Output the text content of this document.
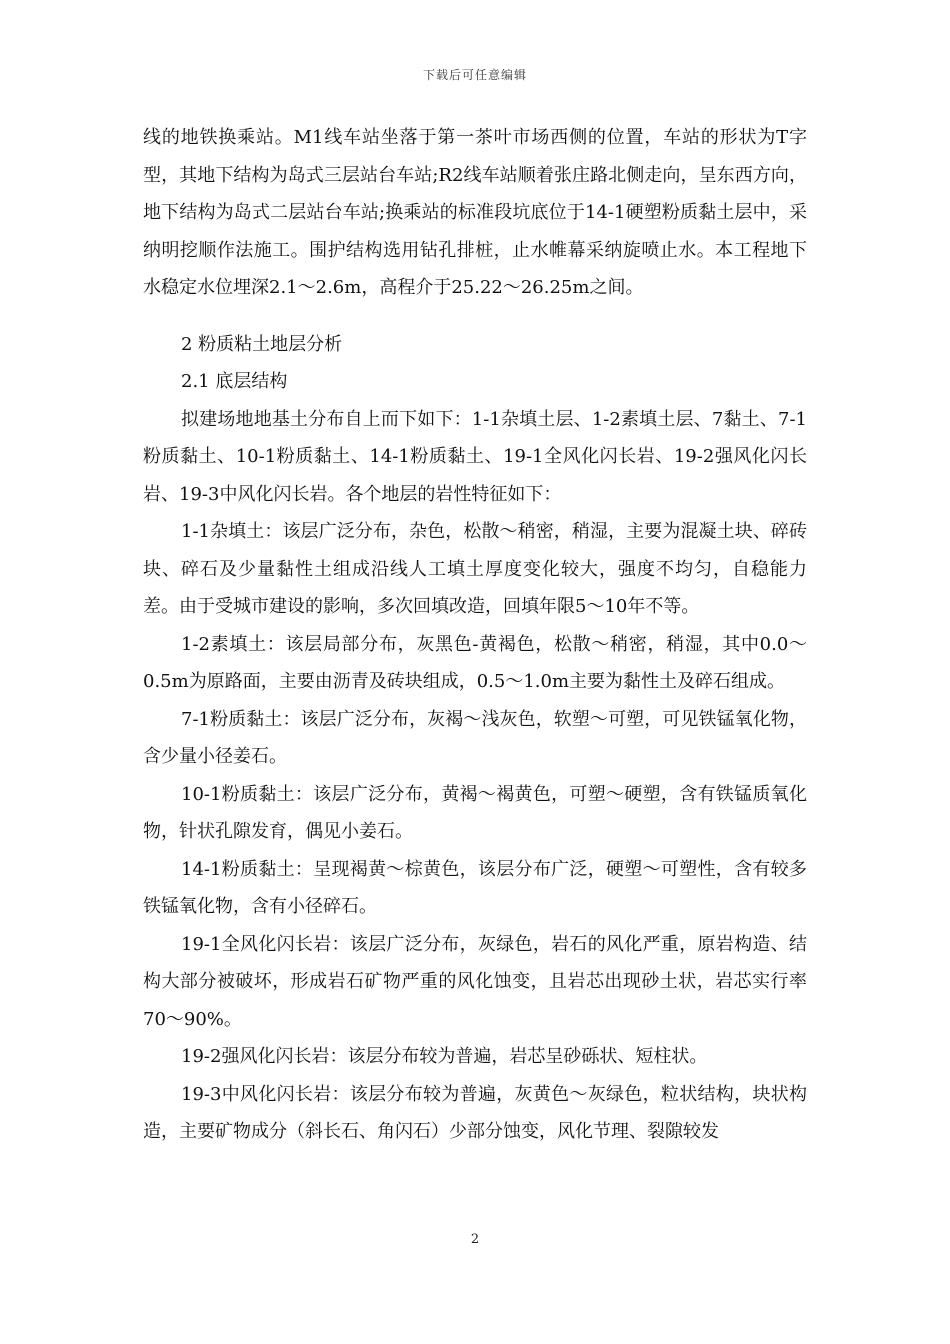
下载后可任意编辑

线的地铁换乘站。M1线车站坐落于第一茶叶市场西侧的位置，车站的形状为T字型，其地下结构为岛式三层站台车站;R2线车站顺着张庄路北侧走向，呈东西方向，地下结构为岛式二层站台车站;换乘站的标准段坑底位于14-1硬塑粉质黏土层中，采纳明挖顺作法施工。围护结构选用钻孔排桩，止水帷幕采纳旋喷止水。本工程地下水稳定水位埋深2.1～2.6m，高程介于25.22～26.25m之间。

2 粉质粘土地层分析

2.1 底层结构

拟建场地地基土分布自上而下如下：1-1杂填土层、1-2素填土层、7黏土、7-1粉质黏土、10-1粉质黏土、14-1粉质黏土、19-1全风化闪长岩、19-2强风化闪长岩、19-3中风化闪长岩。各个地层的岩性特征如下：

1-1杂填土：该层广泛分布，杂色，松散～稍密，稍湿，主要为混凝土块、碎砖块、碎石及少量黏性土组成沿线人工填土厚度变化较大，强度不均匀，自稳能力差。由于受城市建设的影响，多次回填改造，回填年限5～10年不等。

1-2素填土：该层局部分布，灰黑色-黄褐色，松散～稍密，稍湿，其中0.0～0.5m为原路面，主要由沥青及砖块组成，0.5～1.0m主要为黏性土及碎石组成。

7-1粉质黏土：该层广泛分布，灰褐～浅灰色，软塑～可塑，可见铁锰氧化物，含少量小径姜石。

10-1粉质黏土：该层广泛分布，黄褐～褐黄色，可塑～硬塑，含有铁锰质氧化物，针状孔隙发育，偶见小姜石。

14-1粉质黏土：呈现褐黄～棕黄色，该层分布广泛，硬塑～可塑性，含有较多铁锰氧化物，含有小径碎石。

19-1全风化闪长岩：该层广泛分布，灰绿色，岩石的风化严重，原岩构造、结构大部分被破坏，形成岩石矿物严重的风化蚀变，且岩芯出现砂土状，岩芯实行率70～90%。

19-2强风化闪长岩：该层分布较为普遍，岩芯呈砂砾状、短柱状。

19-3中风化闪长岩：该层分布较为普遍，灰黄色～灰绿色，粒状结构，块状构造，主要矿物成分（斜长石、角闪石）少部分蚀变，风化节理、裂隙较发

2
